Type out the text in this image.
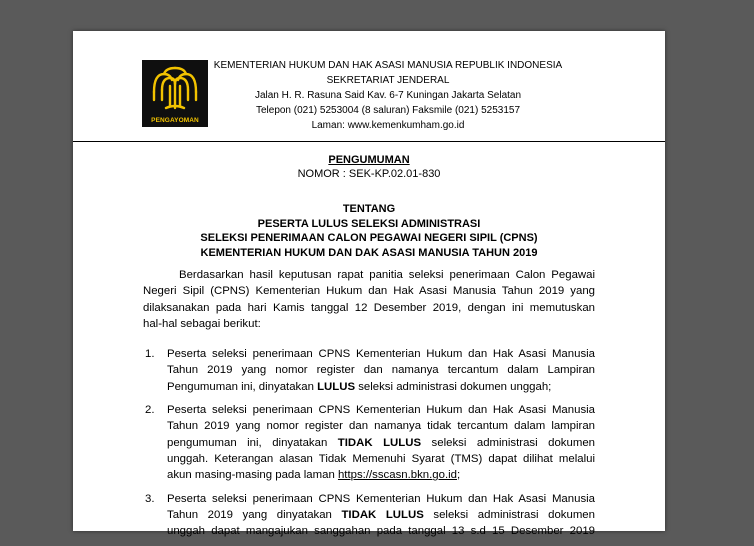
PENGAYOMAN
KEMENTERIAN HUKUM DAN HAK ASASI MANUSIA REPUBLIK INDONESIA
SEKRETARIAT JENDERAL
Jalan H. R. Rasuna Said Kav. 6-7 Kuningan Jakarta Selatan
Telepon (021) 5253004 (8 saluran) Faksmile (021) 5253157
Laman: www.kemenkumham.go.id
PENGUMUMAN
NOMOR : SEK-KP.02.01-830
TENTANG
PESERTA LULUS SELEKSI ADMINISTRASI
SELEKSI PENERIMAAN CALON PEGAWAI NEGERI SIPIL (CPNS)
KEMENTERIAN HUKUM DAN DAK ASASI MANUSIA TAHUN 2019
Berdasarkan hasil keputusan rapat panitia seleksi penerimaan Calon Pegawai
Negeri Sipil (CPNS) Kementerian Hukum dan Hak Asasi Manusia Tahun 2019 yang
dilaksanakan pada hari Kamis tanggal 12 Desember 2019, dengan ini memutuskan
hal-hal sebagai berikut:
1. Peserta seleksi penerimaan CPNS Kementerian Hukum dan Hak Asasi Manusia
Tahun 2019 yang nomor register dan namanya tercantum dalam Lampiran
Pengumuman ini, dinyatakan LULUS seleksi administrasi dokumen unggah;
2. Peserta seleksi penerimaan CPNS Kementerian Hukum dan Hak Asasi Manusia
Tahun 2019 yang nomor register dan namanya tidak tercantum dalam lampiran
pengumuman ini, dinyatakan TIDAK LULUS seleksi administrasi dokumen
unggah. Keterangan alasan Tidak Memenuhi Syarat (TMS) dapat dilihat melalui
akun masing-masing pada laman https://sscasn.bkn.go.id;
3. Peserta seleksi penerimaan CPNS Kementerian Hukum dan Hak Asasi Manusia
Tahun 2019 yang dinyatakan TIDAK LULUS seleksi administrasi dokumen
unggah dapat mangajukan sanggahan pada tanggal 13 s.d 15 Desember 2019
